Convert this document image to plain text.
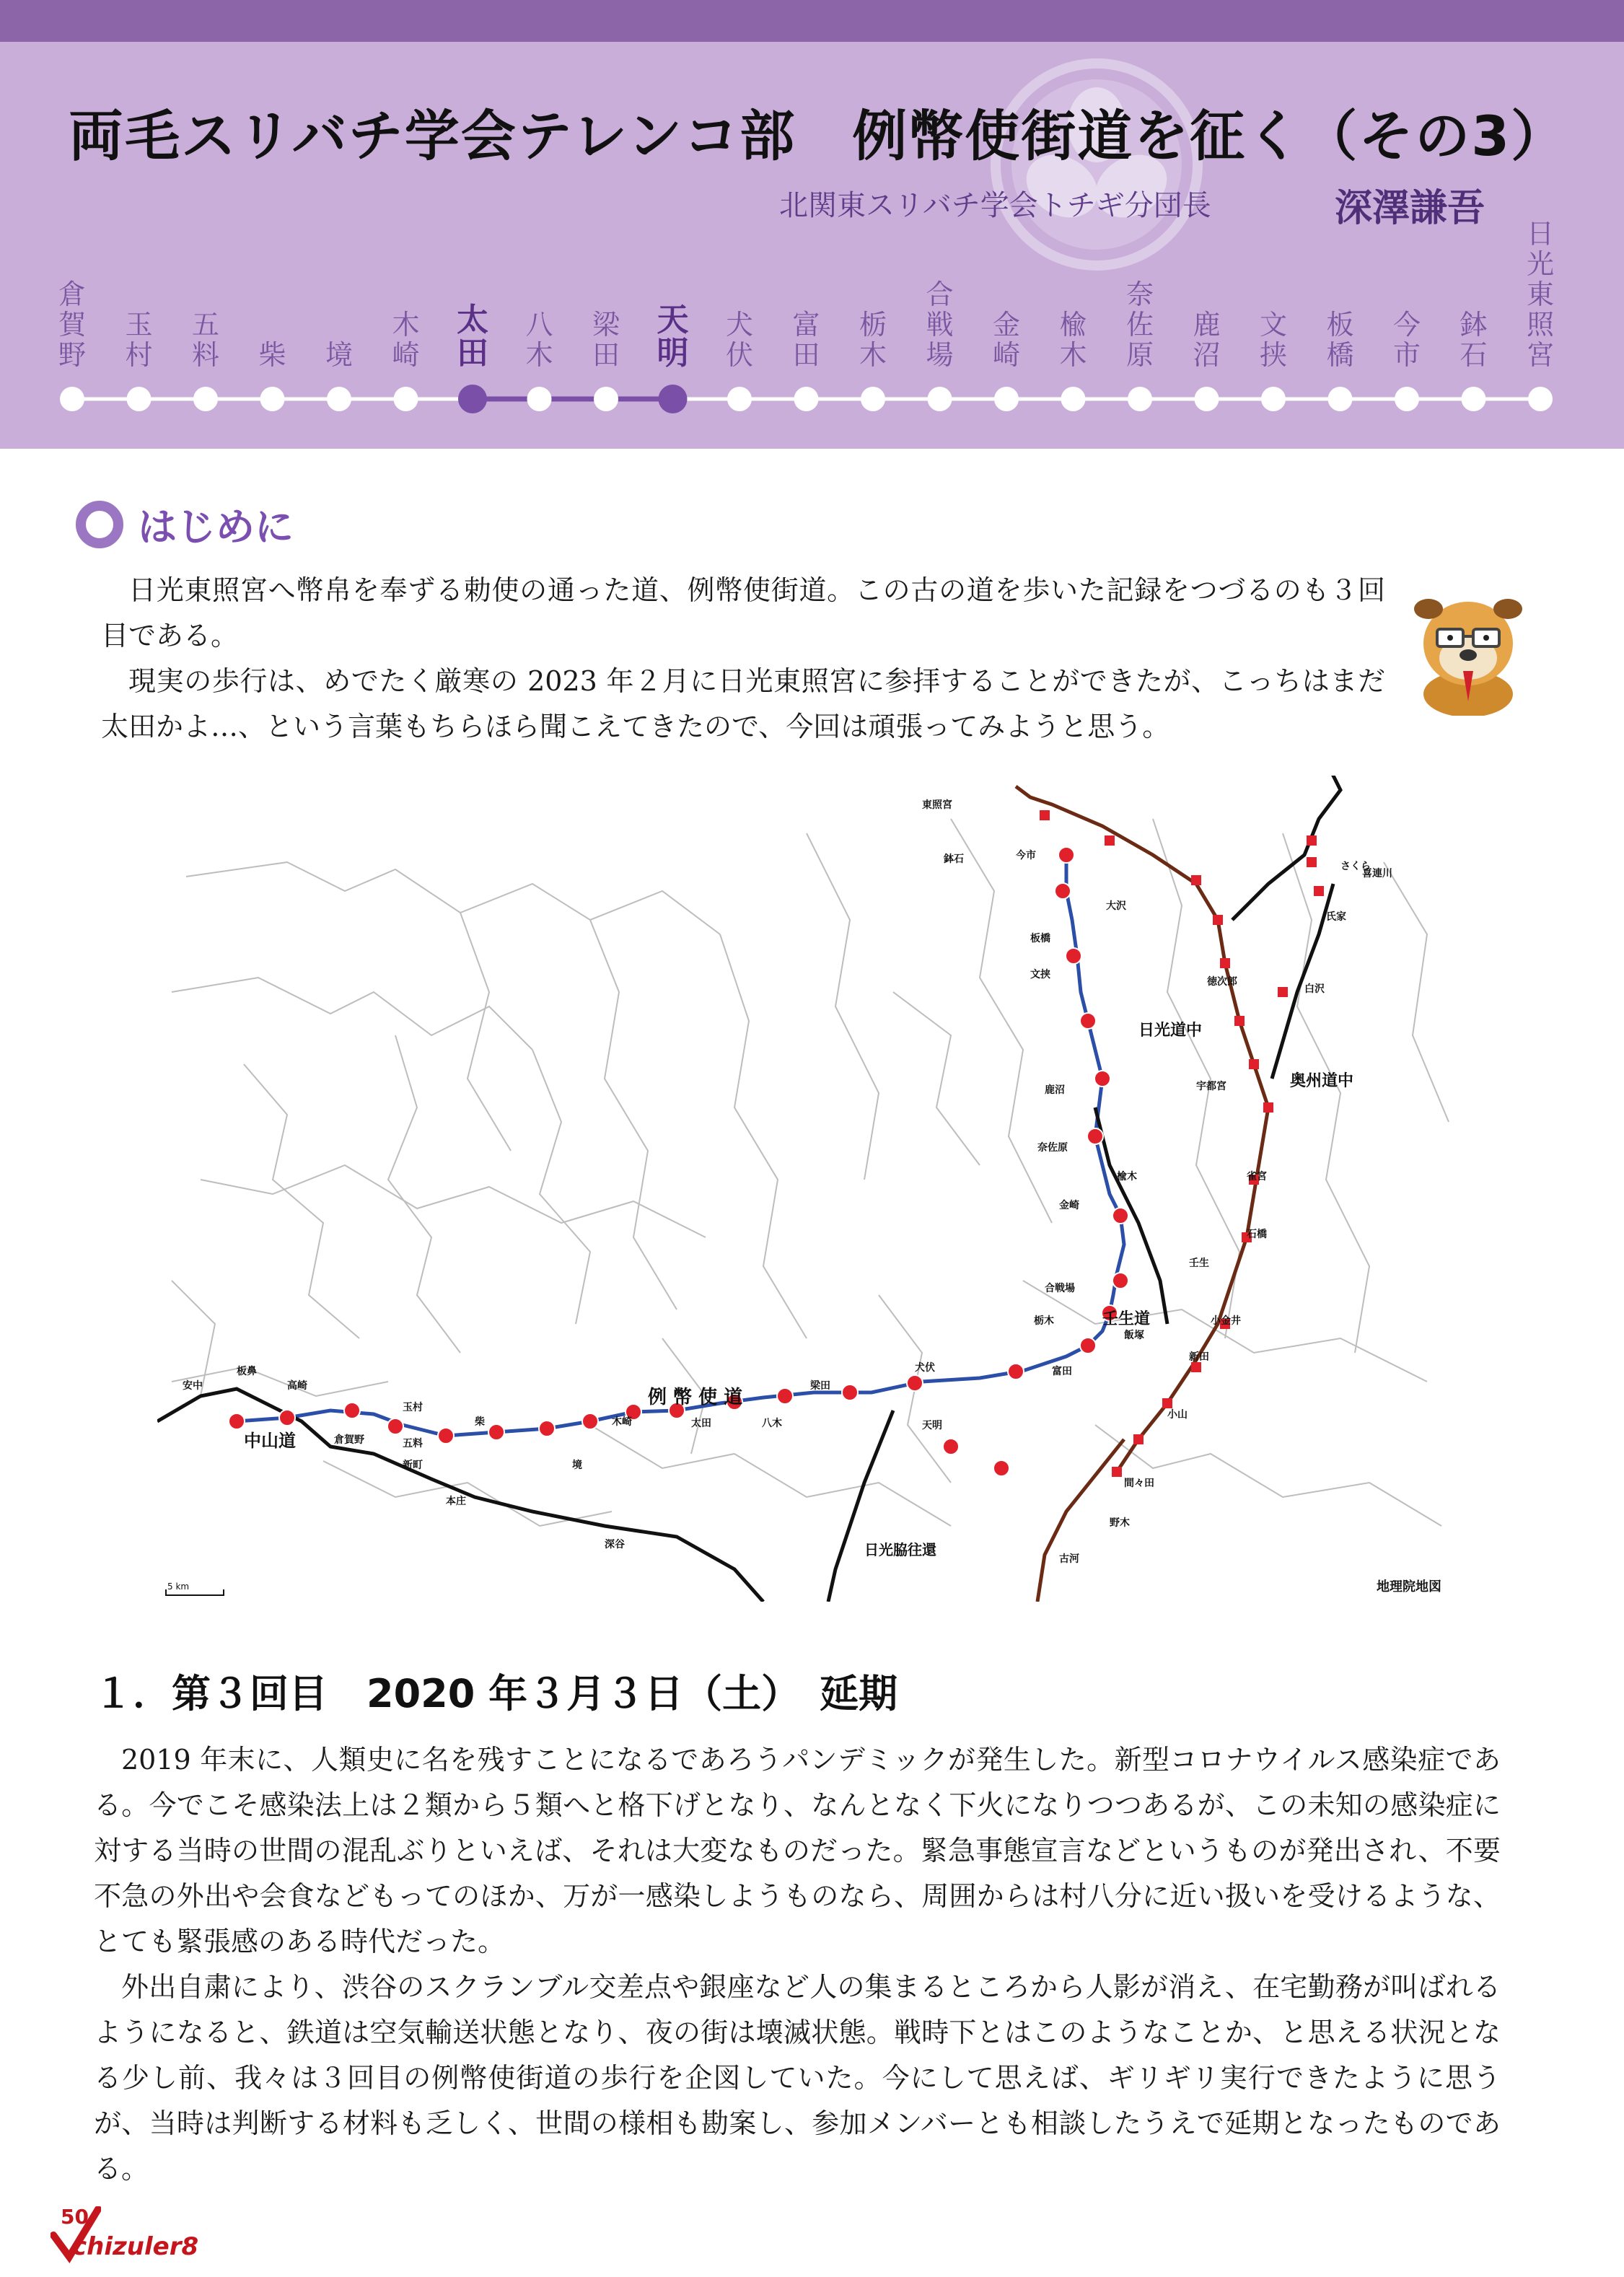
両毛スリバチ学会テレンコ部　例幣使街道を征く（その3）
北関東スリバチ学会トチギ分団長	深澤謙吾
倉賀野
玉村
五料 柴 境
木崎
太田
八木
梁田
天明
犬伏
富田
栃木
合戦場
金崎
楡木
奈佐原
鹿沼
文挟
板橋
今市
鉢石
日光東照宮
はじめに
日光東照宮へ幣帛を奉ずる勅使の通った道、例幣使街道。この古の道を歩いた記録をつづるのも３回目である。
現実の歩行は、めでたく厳寒の 2023 年２月に日光東照宮に参拝することができたが、こっちはまだ太田かよ…、という言葉もちらほら聞こえてきたので、今回は頑張ってみようと思う。
例 幣 使 道
中山道
日光道中
奥州道中
壬生道
日光脇往還
東照宮
鉢石	今市
板橋
文挟
鹿沼
奈佐原
楡木
金崎
合戦場
栃木
富田
犬伏
天明
梁田
八木
太田
木崎
境
柴
五料
玉村
倉賀野
高崎
板鼻
安中
新町
本庄
深谷
大沢
徳次郎
宇都宮
雀宮
石橋
小金井
新田
小山
間々田
野木
古河
白沢
氏家
さくら
喜連川
壬生
飯塚
5 km	地理院地図
１．第３回目　2020 年３月３日（土）　延期
2019 年末に、人類史に名を残すことになるであろうパンデミックが発生した。新型コロナウイルス感染症である。今でこそ感染法上は２類から５類へと格下げとなり、なんとなく下火になりつつあるが、この未知の感染症に対する当時の世間の混乱ぶりといえば、それは大変なものだった。緊急事態宣言などというものが発出され、不要不急の外出や会食などもってのほか、万が一感染しようものなら、周囲からは村八分に近い扱いを受けるような、とても緊張感のある時代だった。
外出自粛により、渋谷のスクランブル交差点や銀座など人の集まるところから人影が消え、在宅勤務が叫ばれるようになると、鉄道は空気輸送状態となり、夜の街は壊滅状態。戦時下とはこのようなことか、と思える状況となる少し前、我々は３回目の例幣使街道の歩行を企図していた。今にして思えば、ギリギリ実行できたように思うが、当時は判断する材料も乏しく、世間の様相も勘案し、参加メンバーとも相談したうえで延期となったものである。
50
chizuler8
